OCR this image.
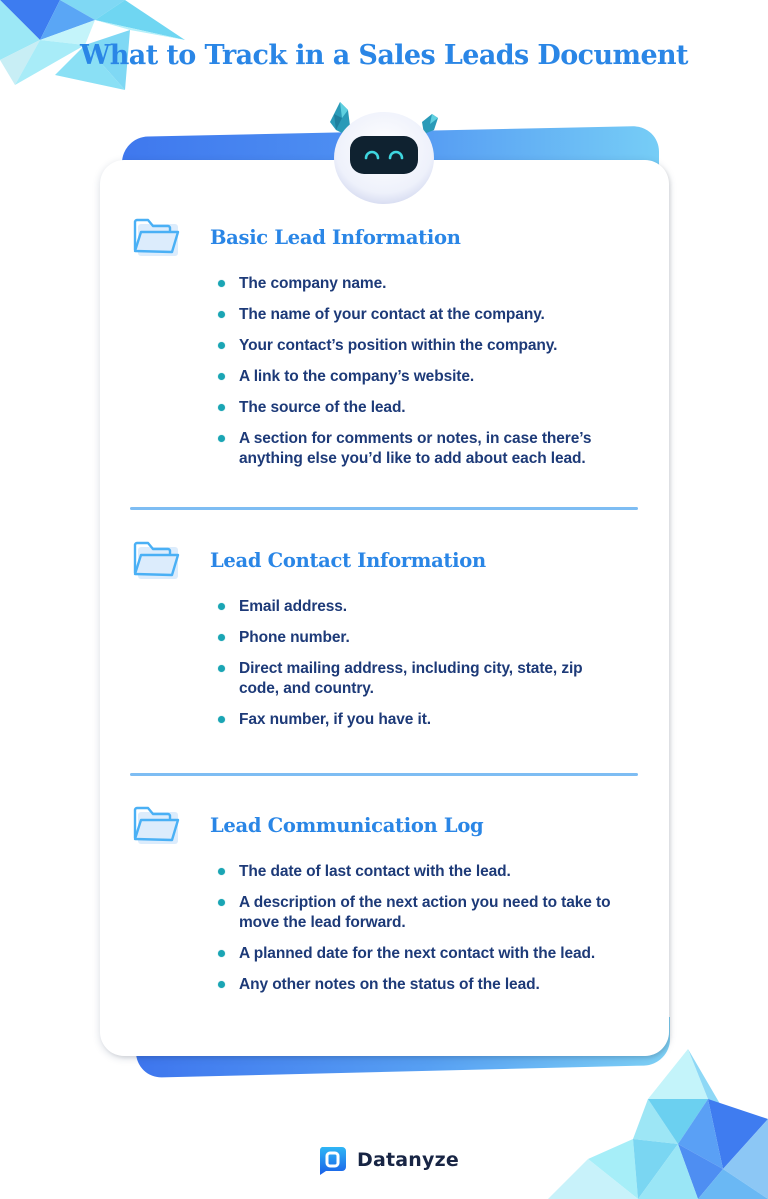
What to Track in a Sales Leads Document
Basic Lead Information
The company name.
The name of your contact at the company.
Your contact’s position within the company.
A link to the company’s website.
The source of the lead.
A section for comments or notes, in case there’s anything else you’d like to add about each lead.
Lead Contact Information
Email address.
Phone number.
Direct mailing address, including city, state, zip code, and country.
Fax number, if you have it.
Lead Communication Log
The date of last contact with the lead.
A description of the next action you need to take to move the lead forward.
A planned date for the next contact with the lead.
Any other notes on the status of the lead.
Datanyze
